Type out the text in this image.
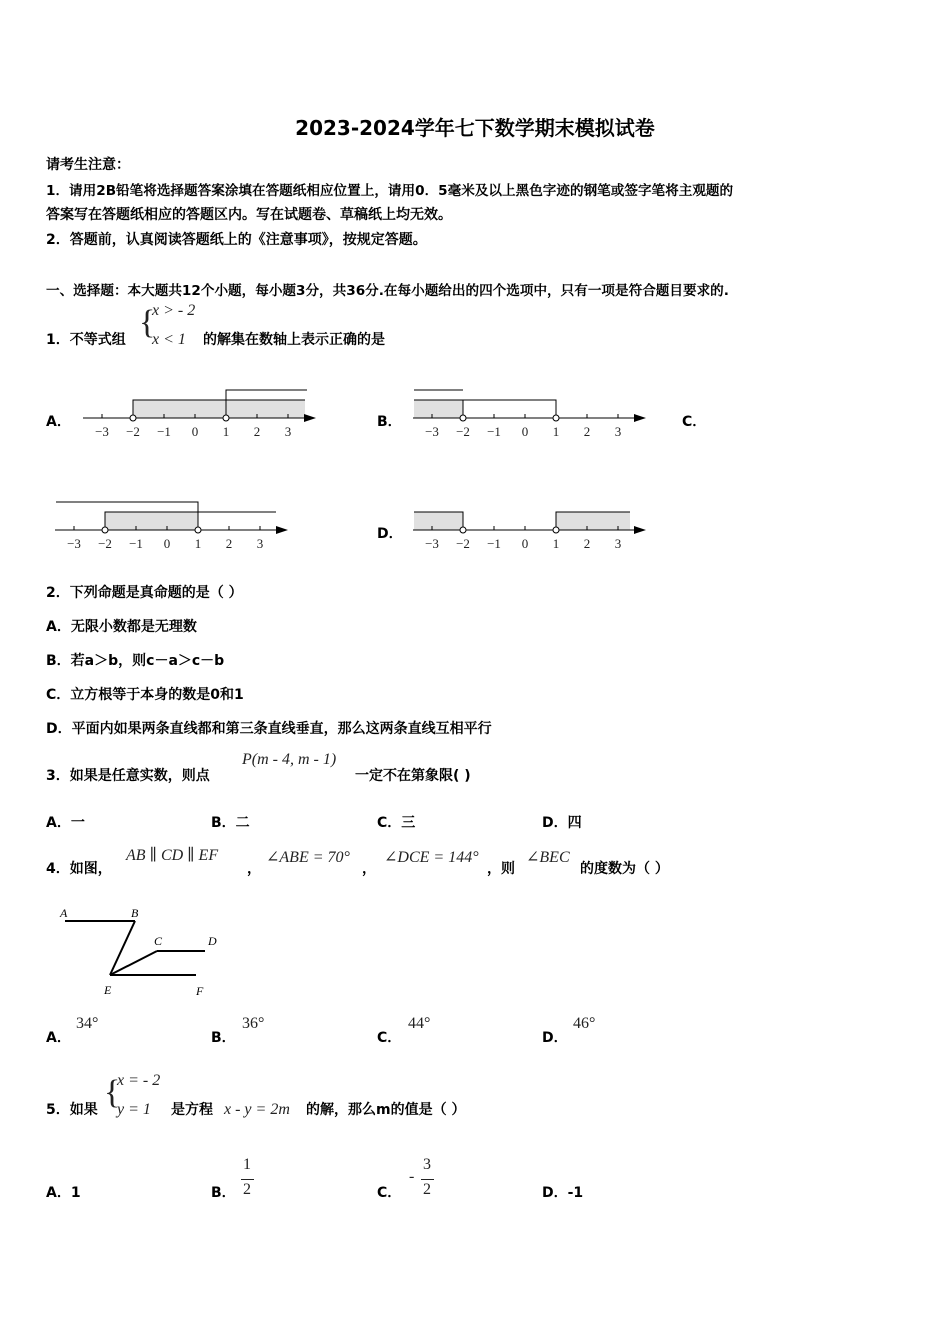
2023-2024学年七下数学期末模拟试卷
请考生注意：
1．请用2B铅笔将选择题答案涂填在答题纸相应位置上，请用0．5毫米及以上黑色字迹的钢笔或签字笔将主观题的
答案写在答题纸相应的答题区内。写在试题卷、草稿纸上均无效。
2．答题前，认真阅读答题纸上的《注意事项》，按规定答题。
一、选择题：本大题共12个小题，每小题3分，共36分.在每小题给出的四个选项中，只有一项是符合题目要求的.
1．不等式组 {
x > - 2
x < 1 的解集在数轴上表示正确的是
A．	B．	C．
D．
−3 −2 −1 0 1 2 3	−3 −2 −1 0 1 2 3
−3 −2 −1 0 1 2 3	−3 −2 −1 0 1 2 3
2．下列命题是真命题的是（ ）
A．无限小数都是无理数
B．若a＞b，则c－a＞c－b
C．立方根等于本身的数是0和1
D．平面内如果两条直线都和第三条直线垂直，那么这两条直线互相平行
3．如果是任意实数，则点
P(m - 4, m - 1)
一定不在第象限( )
A．一	B．二	C．三	D．四
4．如图，
AB ∥ CD ∥ EF
，
∠ABE = 70°
，
∠DCE = 144°
，则
∠BEC
的度数为（ ）
A	B
C	D
E	F
A．
34°
B．
36°
C．
44°
D．
46°
5．如果 {
x = - 2
y = 1 是方程 x - y = 2m 的解，那么m的值是（ ）
A．1	B．
1
2	C．
-
3
2	D．-1
